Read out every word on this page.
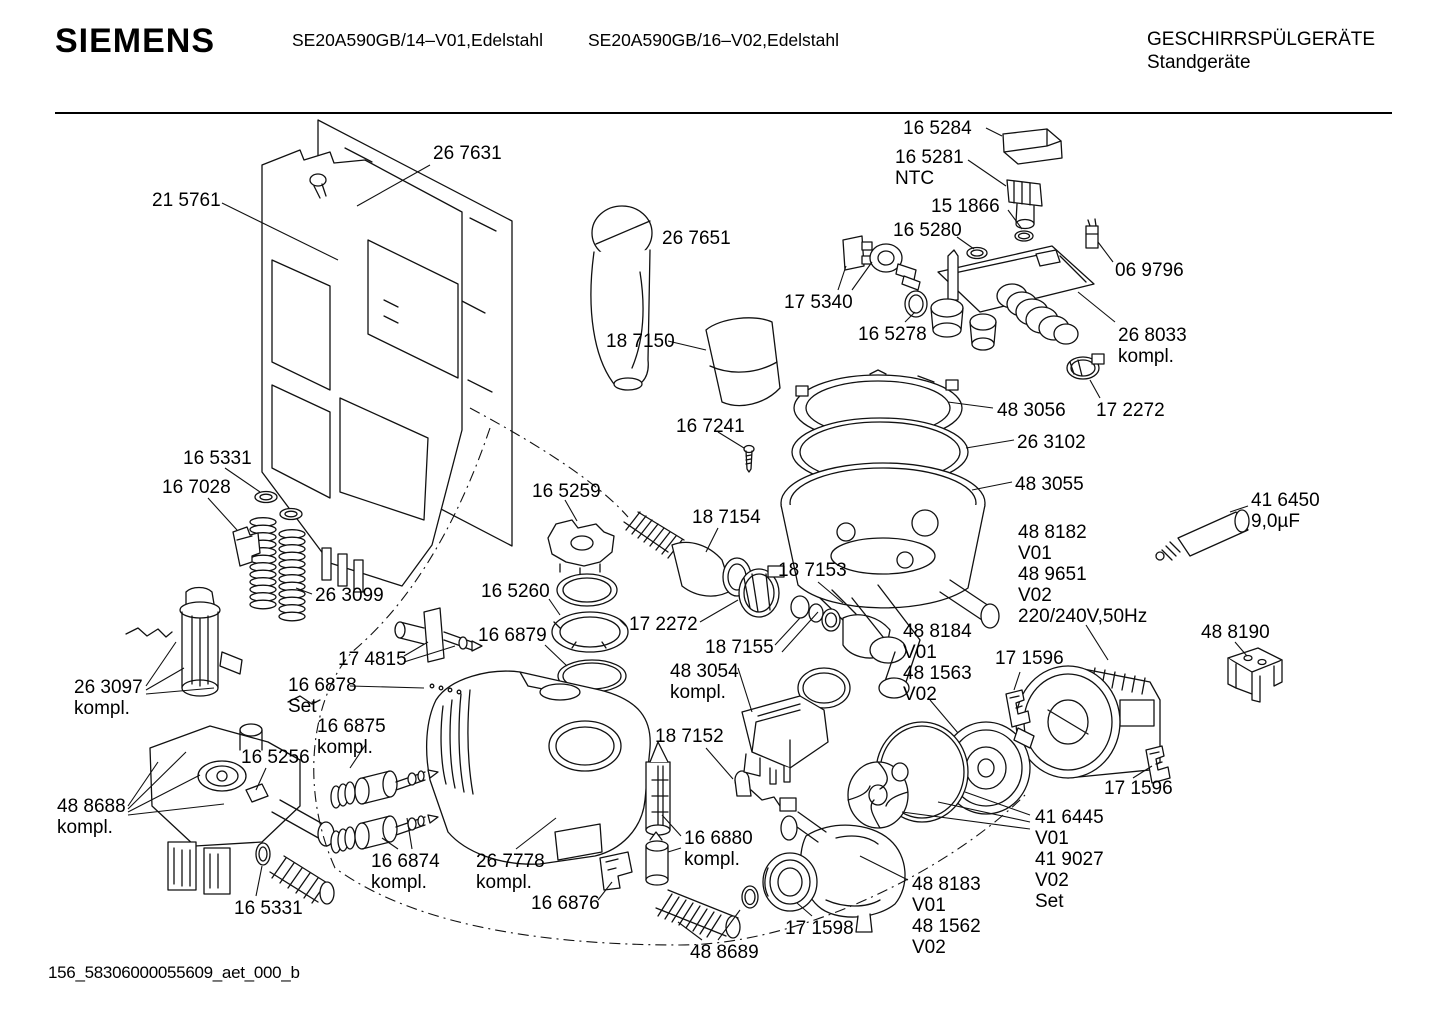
SIEMENS	SE20A590GB/14–V01,Edelstahl	SE20A590GB/16–V02,Edelstahl	GESCHIRRSPÜLGERÄTE
Standgeräte
156_58306000055609_aet_000_b
26 7631
21 5761
16 5284
16 5281
NTC
15 1866
16 5280
06 9796
17 5340
16 5278	26 8033
kompl.
26 7651
18 7150
16 7241
48 3056 17 2272
26 3102
48 3055
16 5331
16 7028	16 5259	41 6450
9,0µF
18 7154
18 7153
48 8182
V01
48 9651
V02
220/240V,50Hz
26 3099	16 5260
17 2272
16 6879
18 7155
17 4815
48 3054
kompl.
48 8184
V01
48 1563
V02
17 1596
48 8190
16 6878
Set
26 3097
kompl.
16 6875
kompl.
16 5256
18 7152
48 8688
kompl.
17 1596
16 6874
kompl.
26 7778
kompl.
16 6880
kompl.
16 6876
41 6445
V01
41 9027
V02
Set
16 5331
17 1598
48 8183
V01
48 1562
V02
48 8689
